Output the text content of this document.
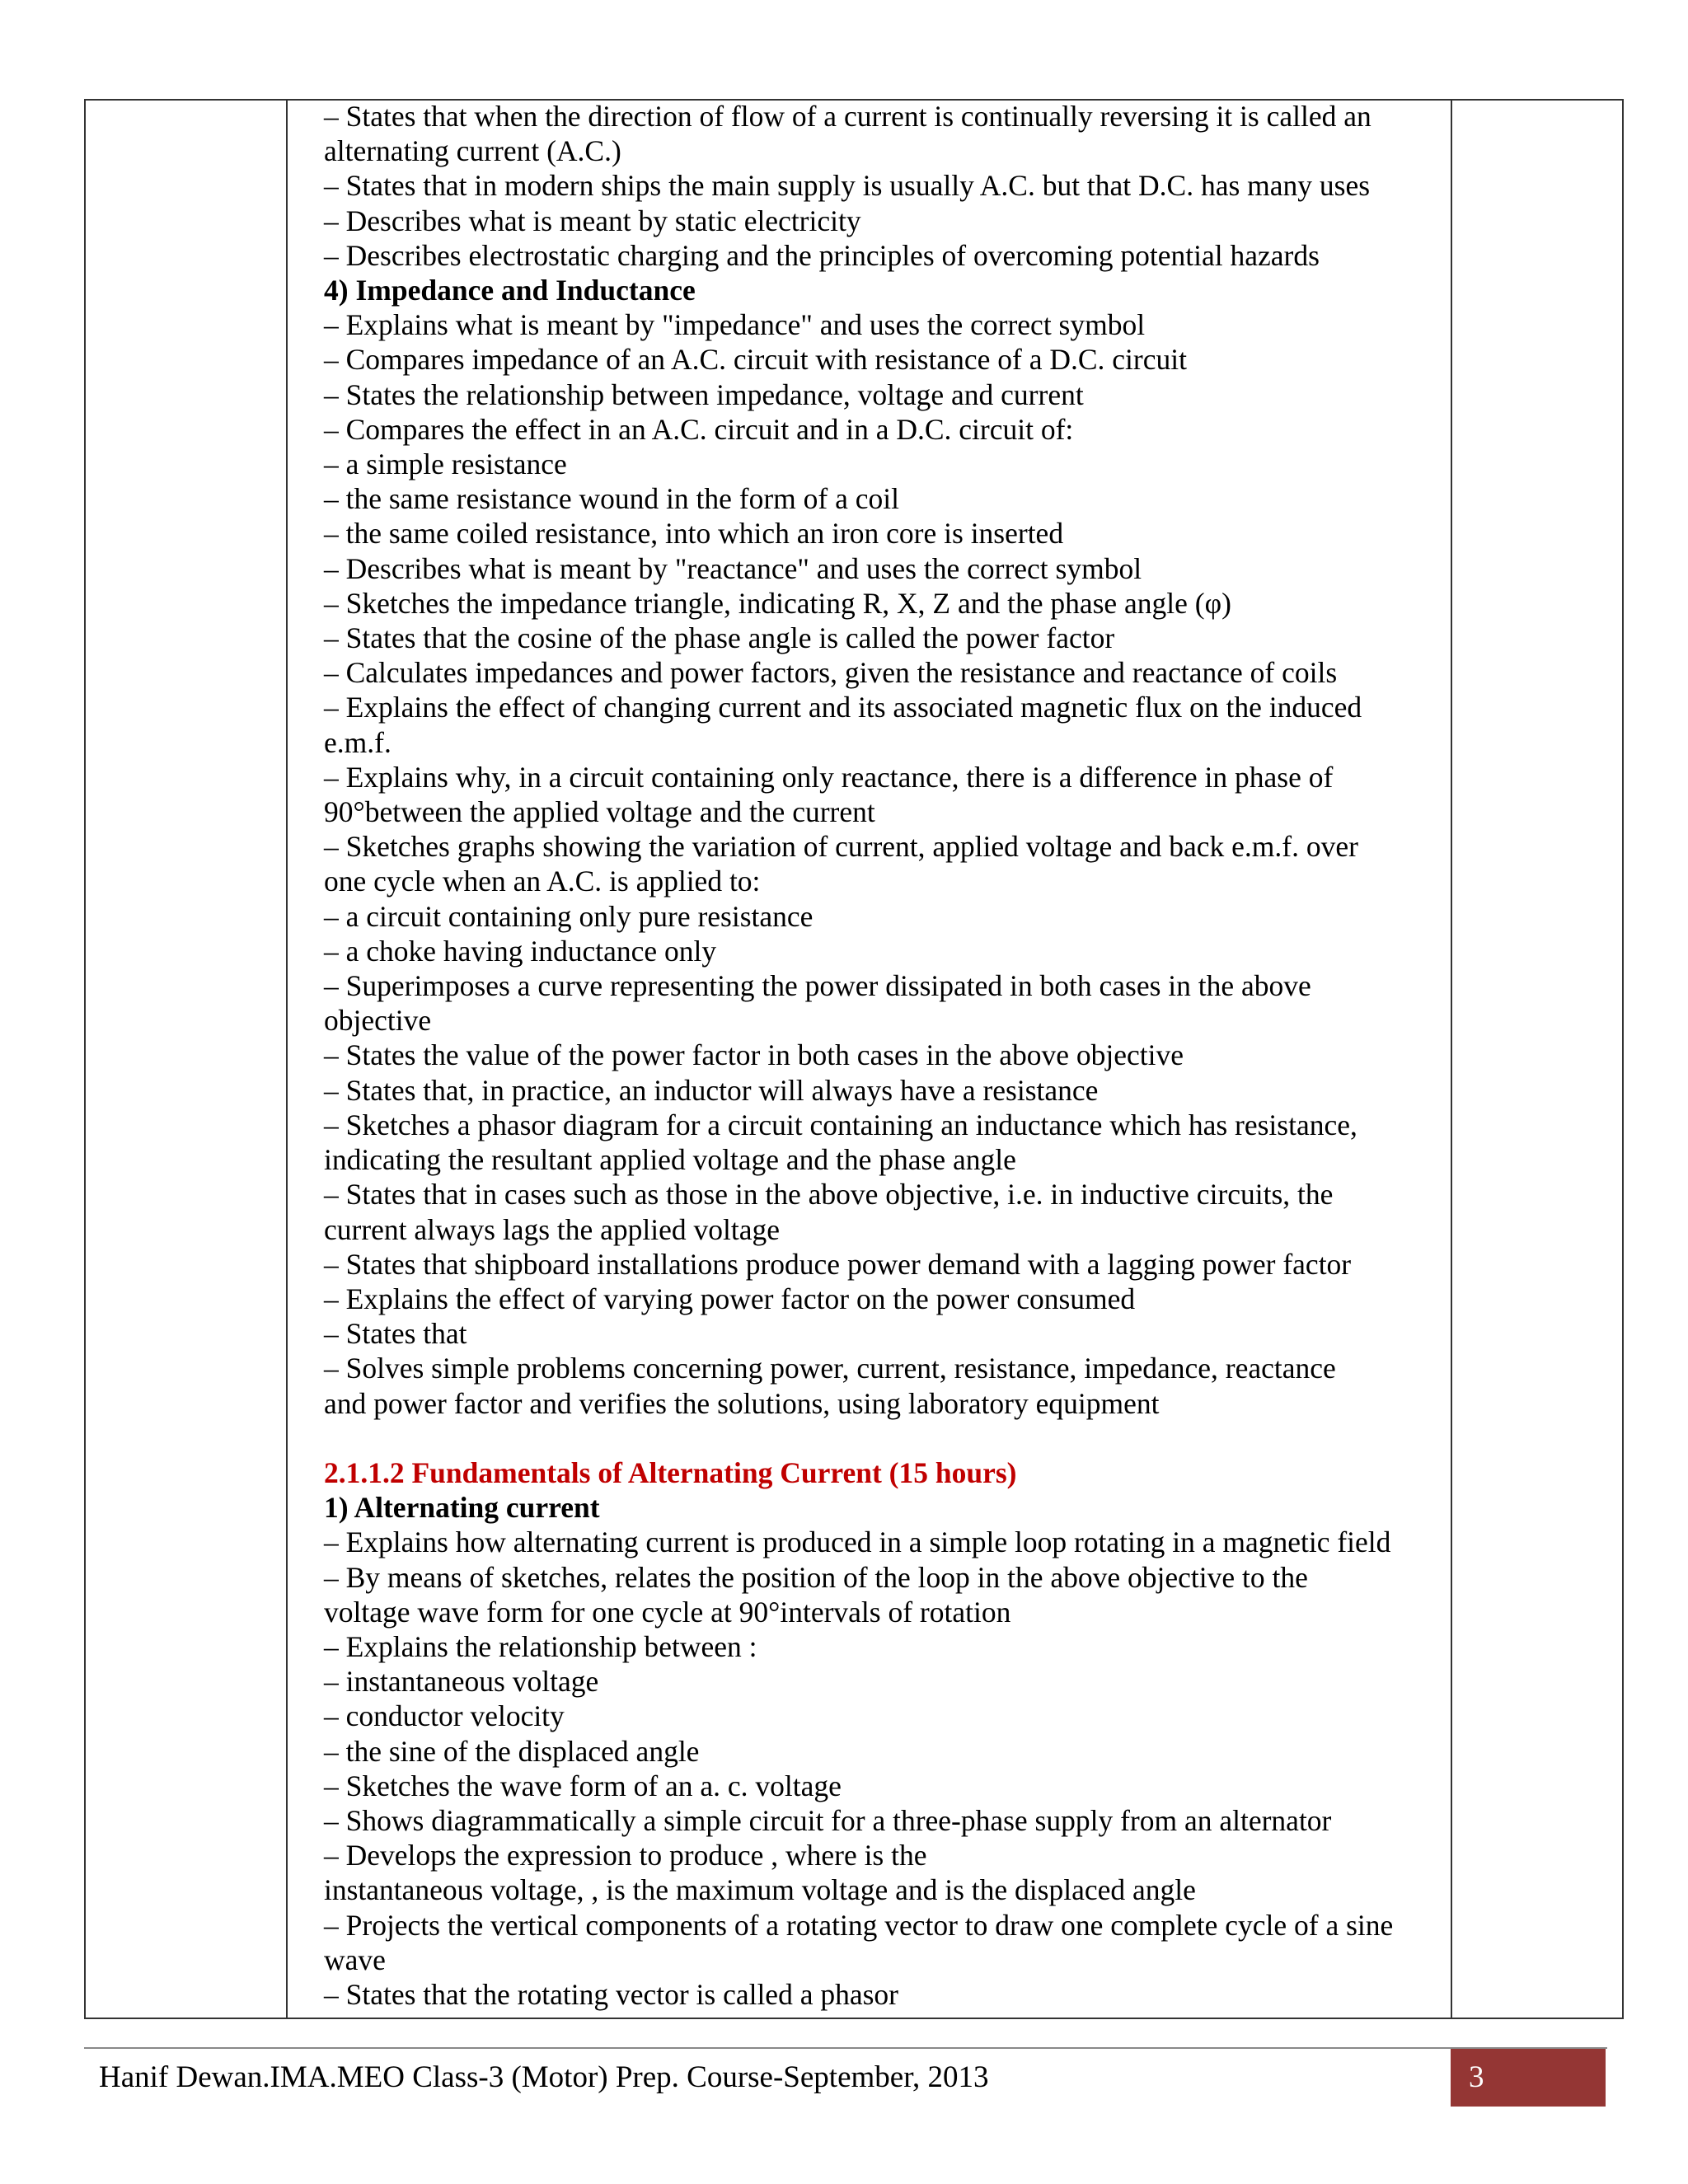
– States that when the direction of flow of a current is continually reversing it is called an

alternating current (A.C.)

– States that in modern ships the main supply is usually A.C. but that D.C. has many uses

– Describes what is meant by static electricity

– Describes electrostatic charging and the principles of overcoming potential hazards

4) Impedance and Inductance

– Explains what is meant by "impedance" and uses the correct symbol

– Compares impedance of an A.C. circuit with resistance of a D.C. circuit

– States the relationship between impedance, voltage and current

– Compares the effect in an A.C. circuit and in a D.C. circuit of:

– a simple resistance

– the same resistance wound in the form of a coil

– the same coiled resistance, into which an iron core is inserted

– Describes what is meant by "reactance" and uses the correct symbol

– Sketches the impedance triangle, indicating R, X, Z and the phase angle (φ)

– States that the cosine of the phase angle is called the power factor

– Calculates impedances and power factors, given the resistance and reactance of coils

– Explains the effect of changing current and its associated magnetic flux on the induced

e.m.f.

– Explains why, in a circuit containing only reactance, there is a difference in phase of

90°between the applied voltage and the current

– Sketches graphs showing the variation of current, applied voltage and back e.m.f. over

one cycle when an A.C. is applied to:

– a circuit containing only pure resistance

– a choke having inductance only

– Superimposes a curve representing the power dissipated in both cases in the above

objective

– States the value of the power factor in both cases in the above objective

– States that, in practice, an inductor will always have a resistance

– Sketches a phasor diagram for a circuit containing an inductance which has resistance,

indicating the resultant applied voltage and the phase angle

– States that in cases such as those in the above objective, i.e. in inductive circuits, the

current always lags the applied voltage

– States that shipboard installations produce power demand with a lagging power factor

– Explains the effect of varying power factor on the power consumed

– States that

– Solves simple problems concerning power, current, resistance, impedance, reactance

and power factor and verifies the solutions, using laboratory equipment

2.1.1.2 Fundamentals of Alternating Current (15 hours)

1) Alternating current

– Explains how alternating current is produced in a simple loop rotating in a magnetic field

– By means of sketches, relates the position of the loop in the above objective to the

voltage wave form for one cycle at 90°intervals of rotation

– Explains the relationship between :

– instantaneous voltage

– conductor velocity

– the sine of the displaced angle

– Sketches the wave form of an a. c. voltage

– Shows diagrammatically a simple circuit for a three-phase supply from an alternator

– Develops the expression to produce , where is the

instantaneous voltage, , is the maximum voltage and is the displaced angle

– Projects the vertical components of a rotating vector to draw one complete cycle of a sine

wave

– States that the rotating vector is called a phasor

Hanif Dewan.IMA.MEO Class-3 (Motor) Prep. Course-September, 2013	3
